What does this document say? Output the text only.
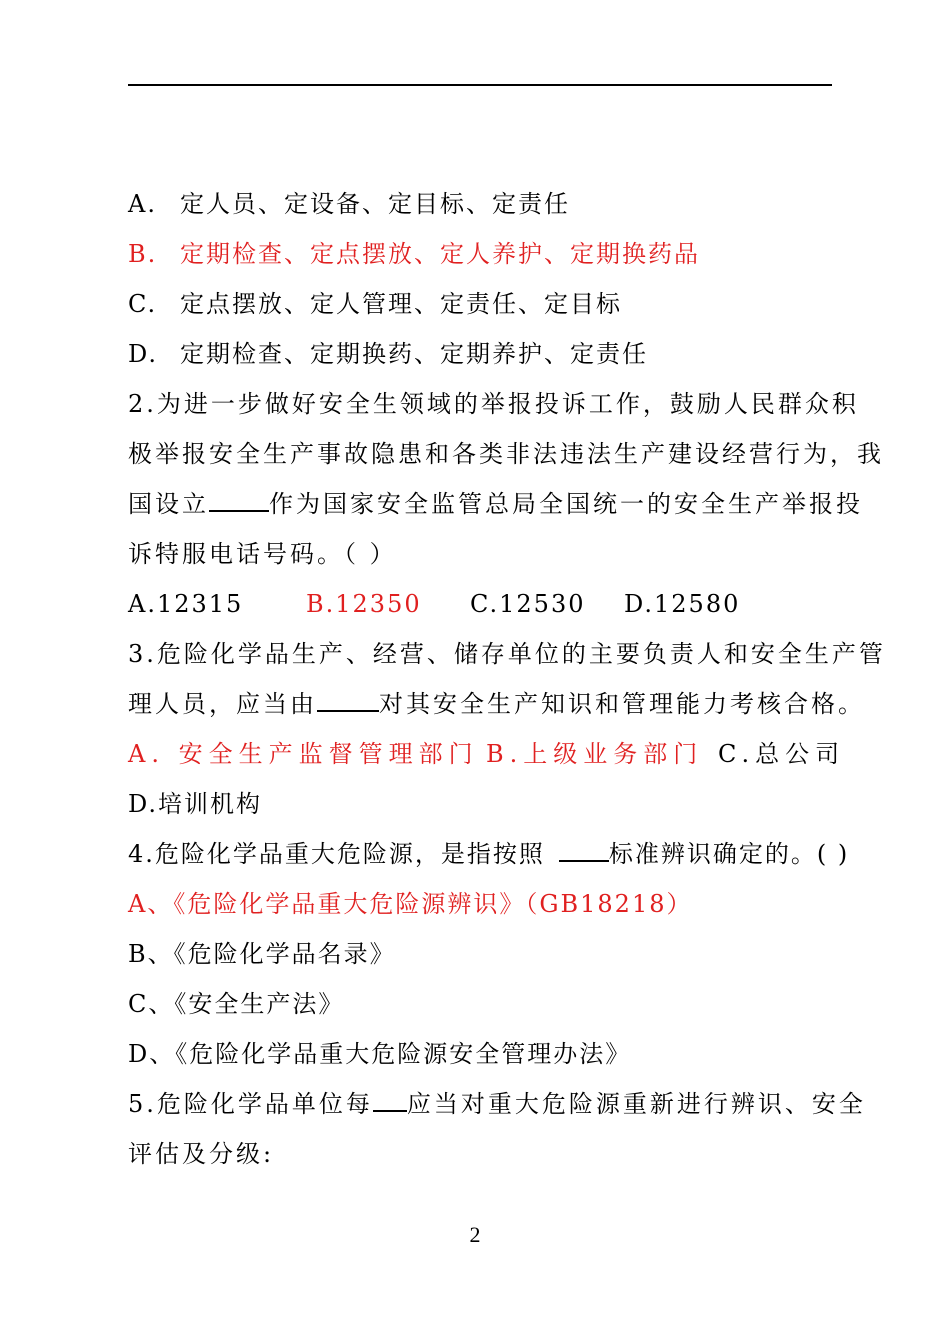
A. 定人员、定设备、定目标、定责任
B. 定期检查、定点摆放、定人养护、定期换药品
C. 定点摆放、定人管理、定责任、定目标
D. 定期检查、定期换药、定期养护、定责任
2.为进一步做好安全生领域的举报投诉工作，鼓励人民群众积
极举报安全生产事故隐患和各类非法违法生产建设经营行为，我
国设立	作为国家安全监管总局全国统一的安全生产举报投
诉特服电话号码。（ ）
A.12315	B.12350 C.12530 D.12580
3.危险化学品生产、经营、储存单位的主要负责人和安全生产管
理人员，应当由	对其安全生产知识和管理能力考核合格。
A. 安全生产监督管理部门 B.上级业务部门 C.总公司
D.培训机构
4.危险化学品重大危险源，是指按照	标准辨识确定的。( )
A、《危险化学品重大危险源辨识》（GB18218）
B、《危险化学品名录》
C、《安全生产法》
D、《危险化学品重大危险源安全管理办法》
5.危险化学品单位每 应当对重大危险源重新进行辨识、安全
评估及分级:
2
